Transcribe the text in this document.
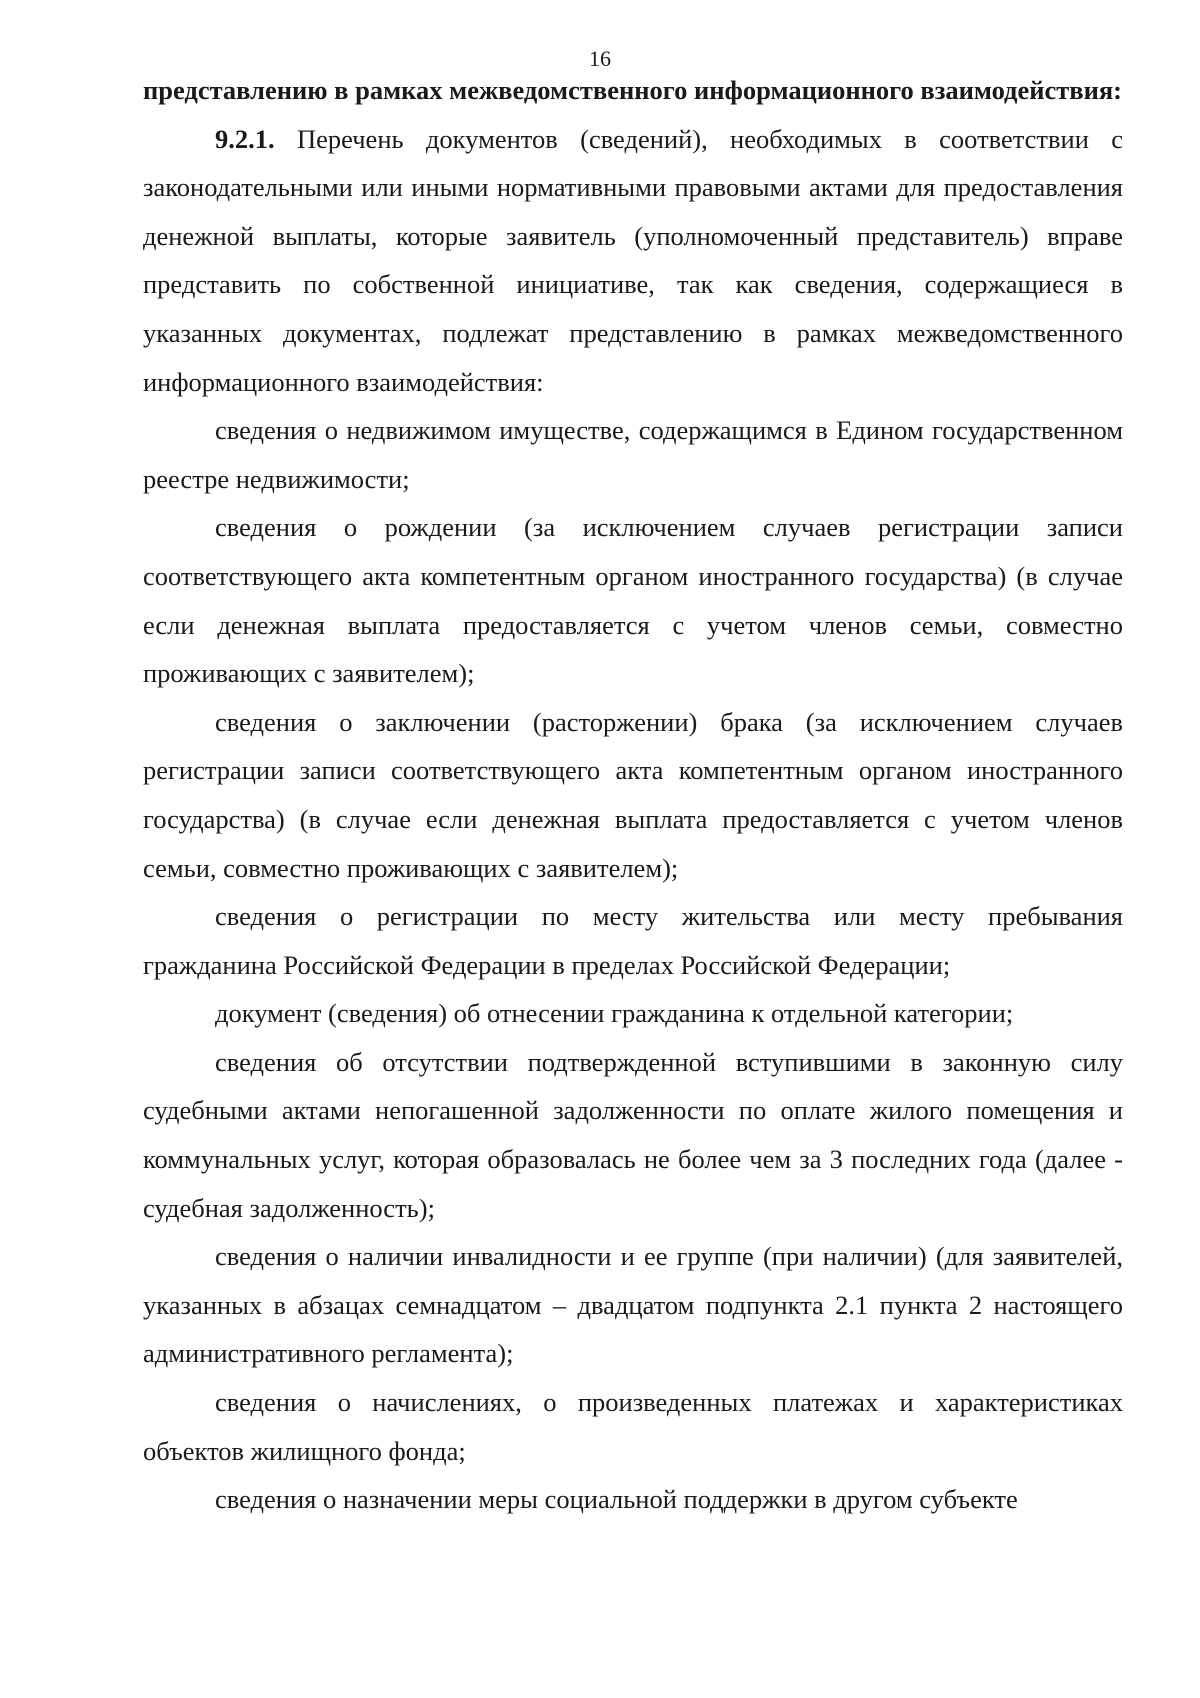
16

представлению в рамках межведомственного информационного взаимодействия:

9.2.1. Перечень документов (сведений), необходимых в соответствии с законодательными или иными нормативными правовыми актами для предоставления денежной выплаты, которые заявитель (уполномоченный представитель) вправе представить по собственной инициативе, так как сведения, содержащиеся в указанных документах, подлежат представлению в рамках межведомственного информационного взаимодействия:

сведения о недвижимом имуществе, содержащимся в Едином государственном реестре недвижимости;

сведения о рождении (за исключением случаев регистрации записи соответствующего акта компетентным органом иностранного государства) (в случае если денежная выплата предоставляется с учетом членов семьи, совместно проживающих с заявителем);

сведения о заключении (расторжении) брака (за исключением случаев регистрации записи соответствующего акта компетентным органом иностранного государства) (в случае если денежная выплата предоставляется с учетом членов семьи, совместно проживающих с заявителем);

сведения о регистрации по месту жительства или месту пребывания гражданина Российской Федерации в пределах Российской Федерации;

документ (сведения) об отнесении гражданина к отдельной категории;

сведения об отсутствии подтвержденной вступившими в законную силу судебными актами непогашенной задолженности по оплате жилого помещения и коммунальных услуг, которая образовалась не более чем за 3 последних года (далее - судебная задолженность);

сведения о наличии инвалидности и ее группе (при наличии) (для заявителей, указанных в абзацах семнадцатом – двадцатом подпункта 2.1 пункта 2 настоящего административного регламента);

сведения о начислениях, о произведенных платежах и характеристиках объектов жилищного фонда;

сведения о назначении меры социальной поддержки в другом субъекте
